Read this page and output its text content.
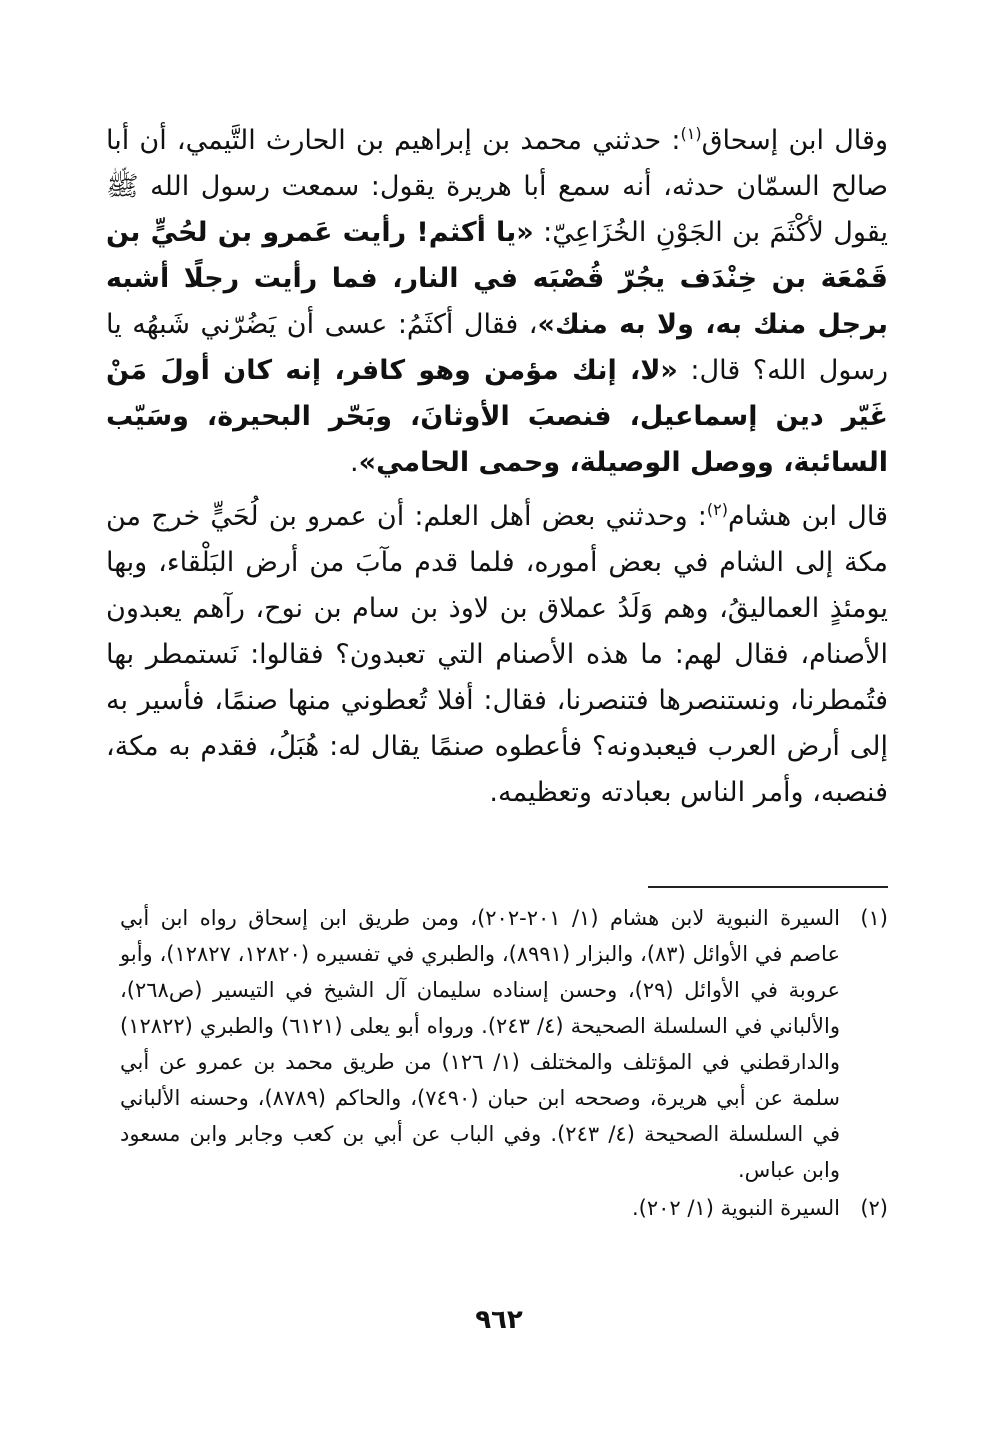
وقال ابن إسحاق$^{(١)}$: حدثني محمد بن إبراهيم بن الحارث التَّيمي، أن أبا صالح السمّان حدثه، أنه سمع أبا هريرة يقول: سمعت رسول الله ﷺ يقول لأكْثَمَ بن الجَوْنِ الخُزَاعِيّ: «يا أكثم! رأيت عَمرو بن لحُيٍّ بن قَمْعَة بن خِنْدَف يجُرّ قُصْبَه في النار، فما رأيت رجلًا أشبه برجل منك به، ولا به منك»، فقال أكثَمُ: عسى أن يَضُرّني شَبهُه يا رسول الله؟ قال: «لا، إنك مؤمن وهو كافر، إنه كان أولَ مَنْ غَيّر دين إسماعيل، فنصبَ الأوثانَ، وبَحّر البحيرة، وسَيّب السائبة، ووصل الوصيلة، وحمى الحامي».

قال ابن هشام$^{(٢)}$: وحدثني بعض أهل العلم: أن عمرو بن لُحَيٍّ خرج من مكة إلى الشام في بعض أموره، فلما قدم مآبَ من أرض البَلْقاء، وبها يومئذٍ العماليقُ، وهم وَلَدُ عملاق بن لاوذ بن سام بن نوح، رآهم يعبدون الأصنام، فقال لهم: ما هذه الأصنام التي تعبدون؟ فقالوا: نَستمطر بها فتُمطرنا، ونستنصرها فتنصرنا، فقال: أفلا تُعطوني منها صنمًا، فأسير به إلى أرض العرب فيعبدونه؟ فأعطوه صنمًا يقال له: هُبَلُ، فقدم به مكة، فنصبه، وأمر الناس بعبادته وتعظيمه.

(١)
السيرة النبوية لابن هشام (١/ ٢٠١-٢٠٢)، ومن طريق ابن إسحاق رواه ابن أبي عاصم في الأوائل (٨٣)، والبزار (٨٩٩١)، والطبري في تفسيره (١٢٨٢٠، ١٢٨٢٧)، وأبو عروبة في الأوائل (٢٩)، وحسن إسناده سليمان آل الشيخ في التيسير (ص٢٦٨)، والألباني في السلسلة الصحيحة (٤/ ٢٤٣). ورواه أبو يعلى (٦١٢١) والطبري (١٢٨٢٢) والدارقطني في المؤتلف والمختلف (١/ ١٢٦) من طريق محمد بن عمرو عن أبي سلمة عن أبي هريرة، وصححه ابن حبان (٧٤٩٠)، والحاكم (٨٧٨٩)، وحسنه الألباني في السلسلة الصحيحة (٤/ ٢٤٣). وفي الباب عن أبي بن كعب وجابر وابن مسعود وابن عباس.
(٢)
السيرة النبوية (١/ ٢٠٢).
٩٦٢
